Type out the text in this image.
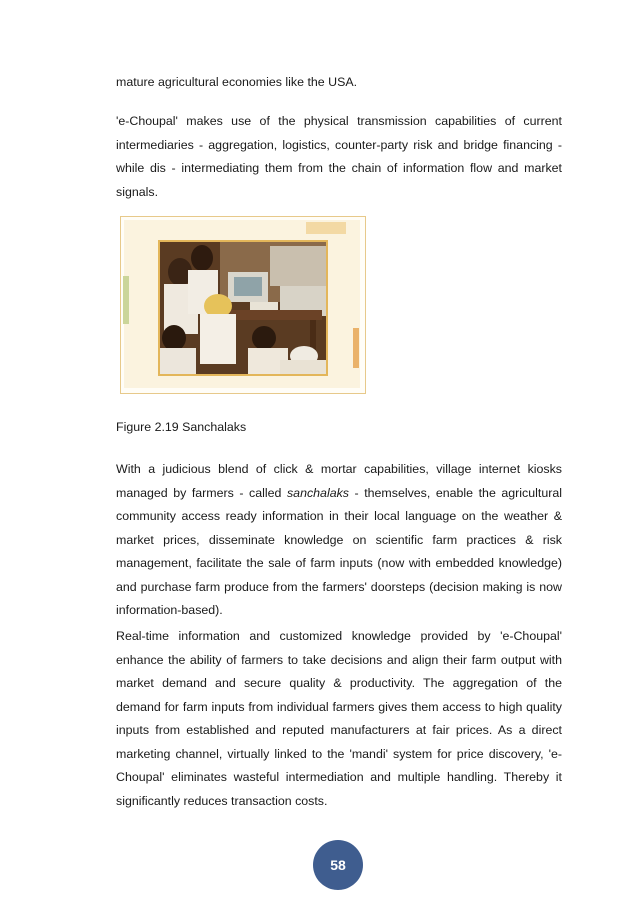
mature agricultural economies like the USA.

'e-Choupal' makes use of the physical transmission capabilities of current intermediaries - aggregation, logistics, counter-party risk and bridge financing -while dis - intermediating them from the chain of information flow and market signals.

Figure 2.19 Sanchalaks

With a judicious blend of click & mortar capabilities, village internet kiosks managed by farmers - called sanchalaks - themselves, enable the agricultural community access ready information in their local language on the weather & market prices, disseminate knowledge on scientific farm practices & risk management, facilitate the sale of farm inputs (now with embedded knowledge) and purchase farm produce from the farmers' doorsteps (decision making is now information-based).

Real-time information and customized knowledge provided by 'e-Choupal' enhance the ability of farmers to take decisions and align their farm output with market demand and secure quality & productivity. The aggregation of the demand for farm inputs from individual farmers gives them access to high quality inputs from established and reputed manufacturers at fair prices. As a direct marketing channel, virtually linked to the 'mandi' system for price discovery, 'e-Choupal' eliminates wasteful intermediation and multiple handling. Thereby it significantly reduces transaction costs.

58
